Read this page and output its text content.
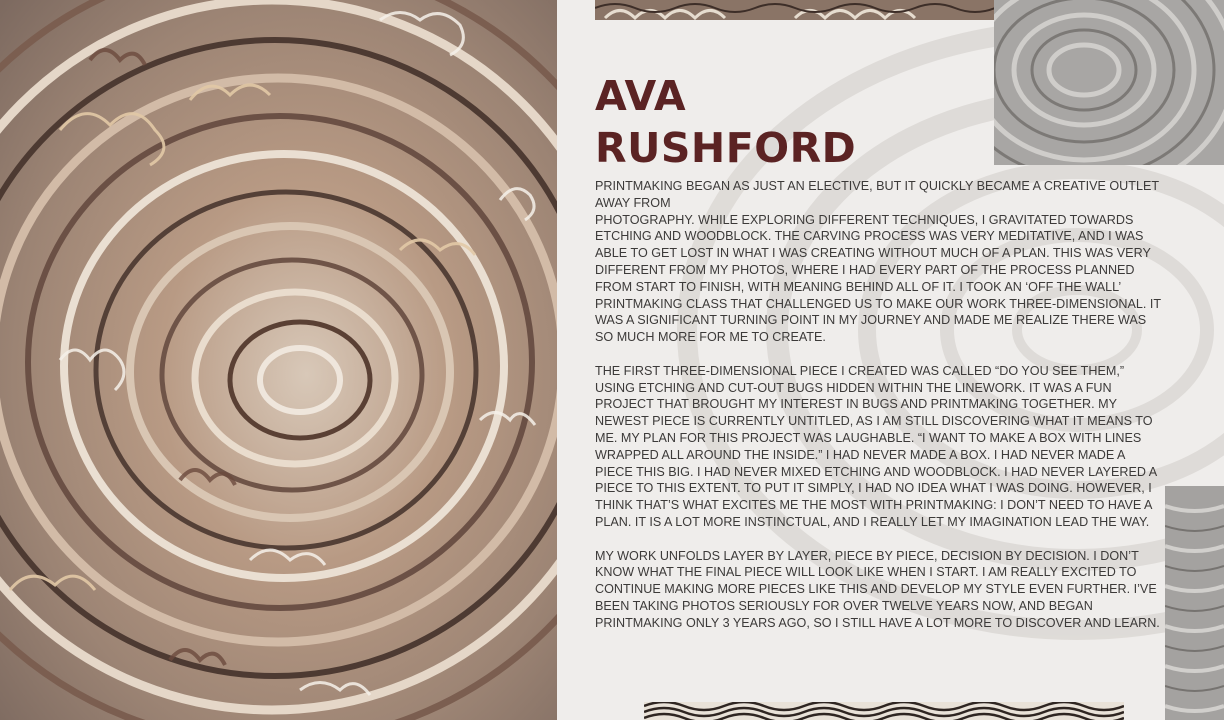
AVA
RUSHFORD

PRINTMAKING BEGAN AS JUST AN ELECTIVE, BUT IT QUICKLY BECAME A CREATIVE OUTLET AWAY FROM
PHOTOGRAPHY. WHILE EXPLORING DIFFERENT TECHNIQUES, I GRAVITATED TOWARDS ETCHING AND WOODBLOCK. THE CARVING PROCESS WAS VERY MEDITATIVE, AND I WAS ABLE TO GET LOST IN WHAT I WAS CREATING WITHOUT MUCH OF A PLAN. THIS WAS VERY DIFFERENT FROM MY PHOTOS, WHERE I HAD EVERY PART OF THE PROCESS PLANNED FROM START TO FINISH, WITH MEANING BEHIND ALL OF IT. I TOOK AN ‘OFF THE WALL’ PRINTMAKING CLASS THAT CHALLENGED US TO MAKE OUR WORK THREE-DIMENSIONAL. IT WAS A SIGNIFICANT TURNING POINT IN MY JOURNEY AND MADE ME REALIZE THERE WAS SO MUCH MORE FOR ME TO CREATE.

THE FIRST THREE-DIMENSIONAL PIECE I CREATED WAS CALLED “DO YOU SEE THEM,” USING ETCHING AND CUT-OUT BUGS HIDDEN WITHIN THE LINEWORK. IT WAS A FUN PROJECT THAT BROUGHT MY INTEREST IN BUGS AND PRINTMAKING TOGETHER. MY NEWEST PIECE IS CURRENTLY UNTITLED, AS I AM STILL DISCOVERING WHAT IT MEANS TO ME. MY PLAN FOR THIS PROJECT WAS LAUGHABLE. “I WANT TO MAKE A BOX WITH LINES WRAPPED ALL AROUND THE INSIDE.” I HAD NEVER MADE A BOX. I HAD NEVER MADE A PIECE THIS BIG. I HAD NEVER MIXED ETCHING AND WOODBLOCK. I HAD NEVER LAYERED A PIECE TO THIS EXTENT. TO PUT IT SIMPLY, I HAD NO IDEA WHAT I WAS DOING. HOWEVER, I THINK THAT’S WHAT EXCITES ME THE MOST WITH PRINTMAKING: I DON’T NEED TO HAVE A PLAN. IT IS A LOT MORE INSTINCTUAL, AND I REALLY LET MY IMAGINATION LEAD THE WAY.

MY WORK UNFOLDS LAYER BY LAYER, PIECE BY PIECE, DECISION BY DECISION. I DON’T KNOW WHAT THE FINAL PIECE WILL LOOK LIKE WHEN I START. I AM REALLY EXCITED TO CONTINUE MAKING MORE PIECES LIKE THIS AND DEVELOP MY STYLE EVEN FURTHER. I’VE BEEN TAKING PHOTOS SERIOUSLY FOR OVER TWELVE YEARS NOW, AND BEGAN PRINTMAKING ONLY 3 YEARS AGO, SO I STILL HAVE A LOT MORE TO DISCOVER AND LEARN.
